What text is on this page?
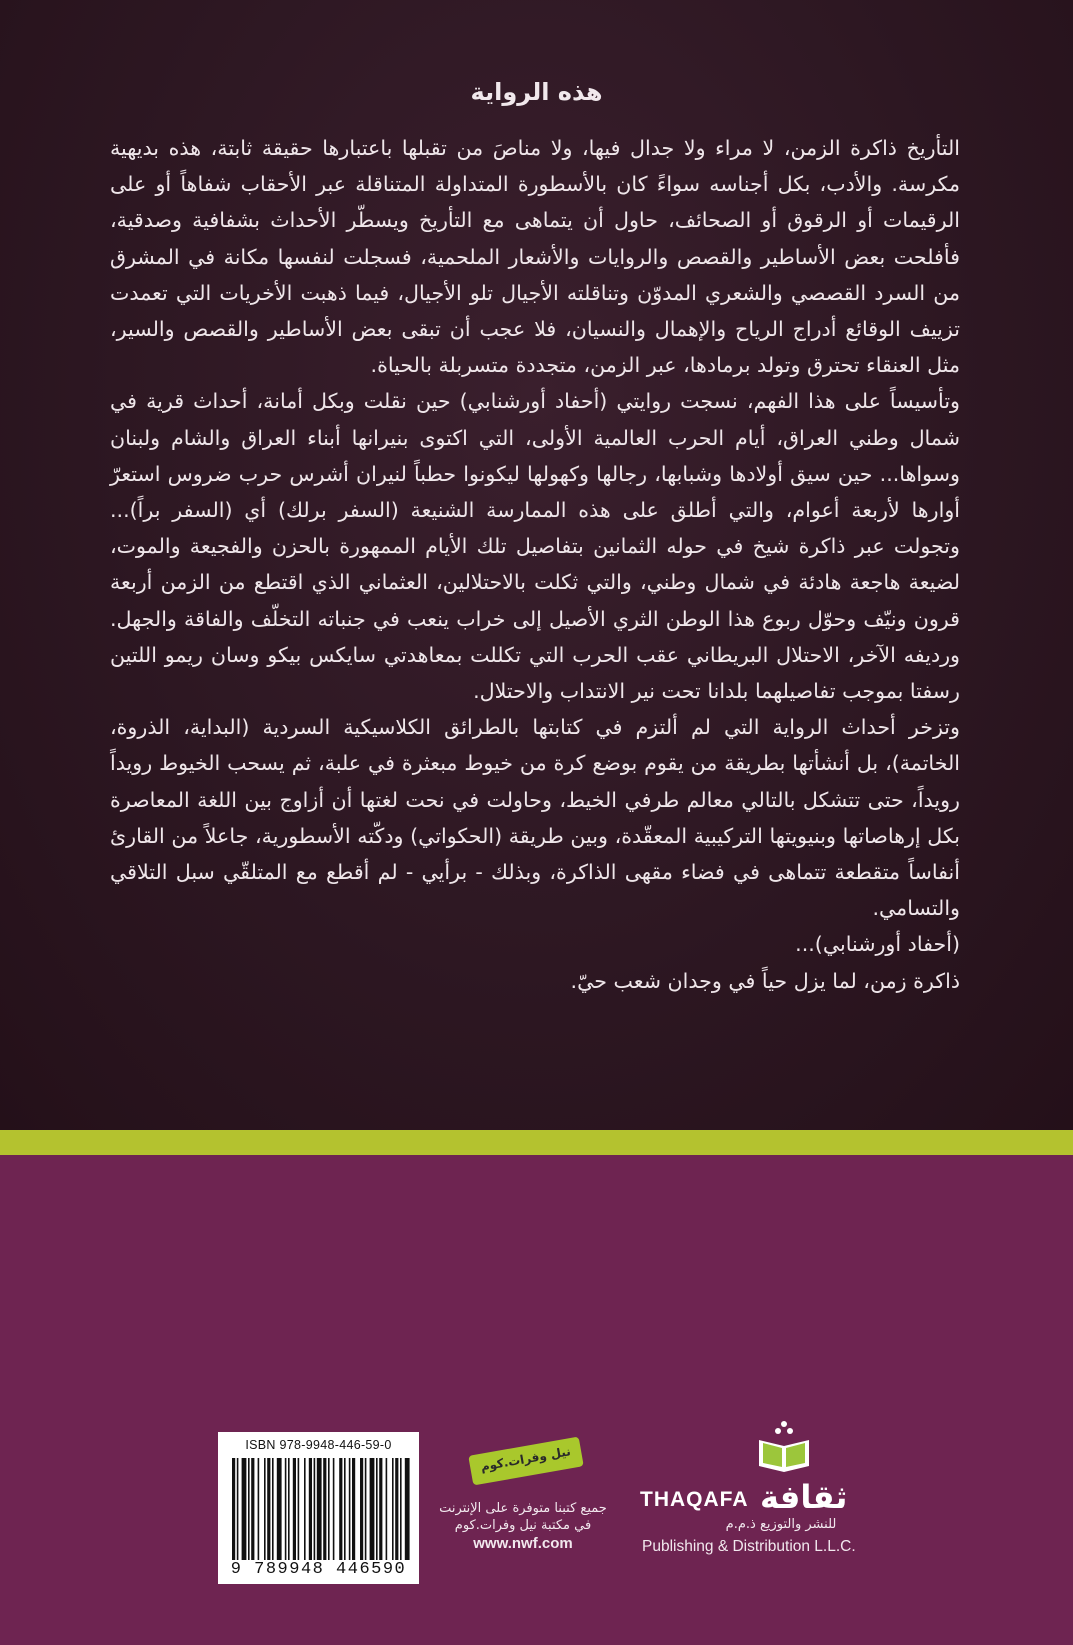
هذه الرواية

التأريخ ذاكرة الزمن، لا مراء ولا جدال فيها، ولا مناصَ من تقبلها باعتبارها حقيقة ثابتة، هذه بديهية مكرسة. والأدب، بكل أجناسه سواءً كان بالأسطورة المتداولة المتناقلة عبر الأحقاب شفاهاً أو على الرقيمات أو الرقوق أو الصحائف، حاول أن يتماهى مع التأريخ ويسطّر الأحداث بشفافية وصدقية، فأفلحت بعض الأساطير والقصص والروايات والأشعار الملحمية، فسجلت لنفسها مكانة في المشرق من السرد القصصي والشعري المدوّن وتناقلته الأجيال تلو الأجيال، فيما ذهبت الأخريات التي تعمدت تزييف الوقائع أدراج الرياح والإهمال والنسيان، فلا عجب أن تبقى بعض الأساطير والقصص والسير، مثل العنقاء تحترق وتولد برمادها، عبر الزمن، متجددة متسربلة بالحياة.

وتأسيساً على هذا الفهم، نسجت روايتي (أحفاد أورشنابي) حين نقلت وبكل أمانة، أحداث قرية في شمال وطني العراق، أيام الحرب العالمية الأولى، التي اكتوى بنيرانها أبناء العراق والشام ولبنان وسواها... حين سيق أولادها وشبابها، رجالها وكهولها ليكونوا حطباً لنيران أشرس حرب ضروس استعرّ أوارها لأربعة أعوام، والتي أطلق على هذه الممارسة الشنيعة (السفر برلك) أي (السفر براً)... وتجولت عبر ذاكرة شيخ في حوله الثمانين بتفاصيل تلك الأيام الممهورة بالحزن والفجيعة والموت، لضيعة هاجعة هادئة في شمال وطني، والتي ثكلت بالاحتلالين، العثماني الذي اقتطع من الزمن أربعة قرون ونيّف وحوّل ربوع هذا الوطن الثري الأصيل إلى خراب ينعب في جنباته التخلّف والفاقة والجهل. ورديفه الآخر، الاحتلال البريطاني عقب الحرب التي تكللت بمعاهدتي سايكس بيكو وسان ريمو اللتين رسفتا بموجب تفاصيلهما بلدانا تحت نير الانتداب والاحتلال.

وتزخر أحداث الرواية التي لم ألتزم في كتابتها بالطرائق الكلاسيكية السردية (البداية، الذروة، الخاتمة)، بل أنشأتها بطريقة من يقوم بوضع كرة من خيوط مبعثرة في علبة، ثم يسحب الخيوط رويداً رويداً، حتى تتشكل بالتالي معالم طرفي الخيط، وحاولت في نحت لغتها أن أزاوج بين اللغة المعاصرة بكل إرهاصاتها وبنيويتها التركيبية المعقّدة، وبين طريقة (الحكواتي) ودكّته الأسطورية، جاعلاً من القارئ أنفاساً متقطعة تتماهى في فضاء مقهى الذاكرة، وبذلك - برأيي - لم أقطع مع المتلقّي سبل التلاقي والتسامي.

(أحفاد أورشنابي)...

ذاكرة زمن، لما يزل حياً في وجدان شعب حيّ.

ISBN 978-9948-446-59-0
9 789948 446590
نيل وفرات.كوم
جميع كتبنا متوفرة على الإنترنت
في مكتبة نيل وفرات.كوم
www.nwf.com
THAQAFA ثقافة
للنشر والتوزيع ذ.م.م
Publishing & Distribution L.L.C.
